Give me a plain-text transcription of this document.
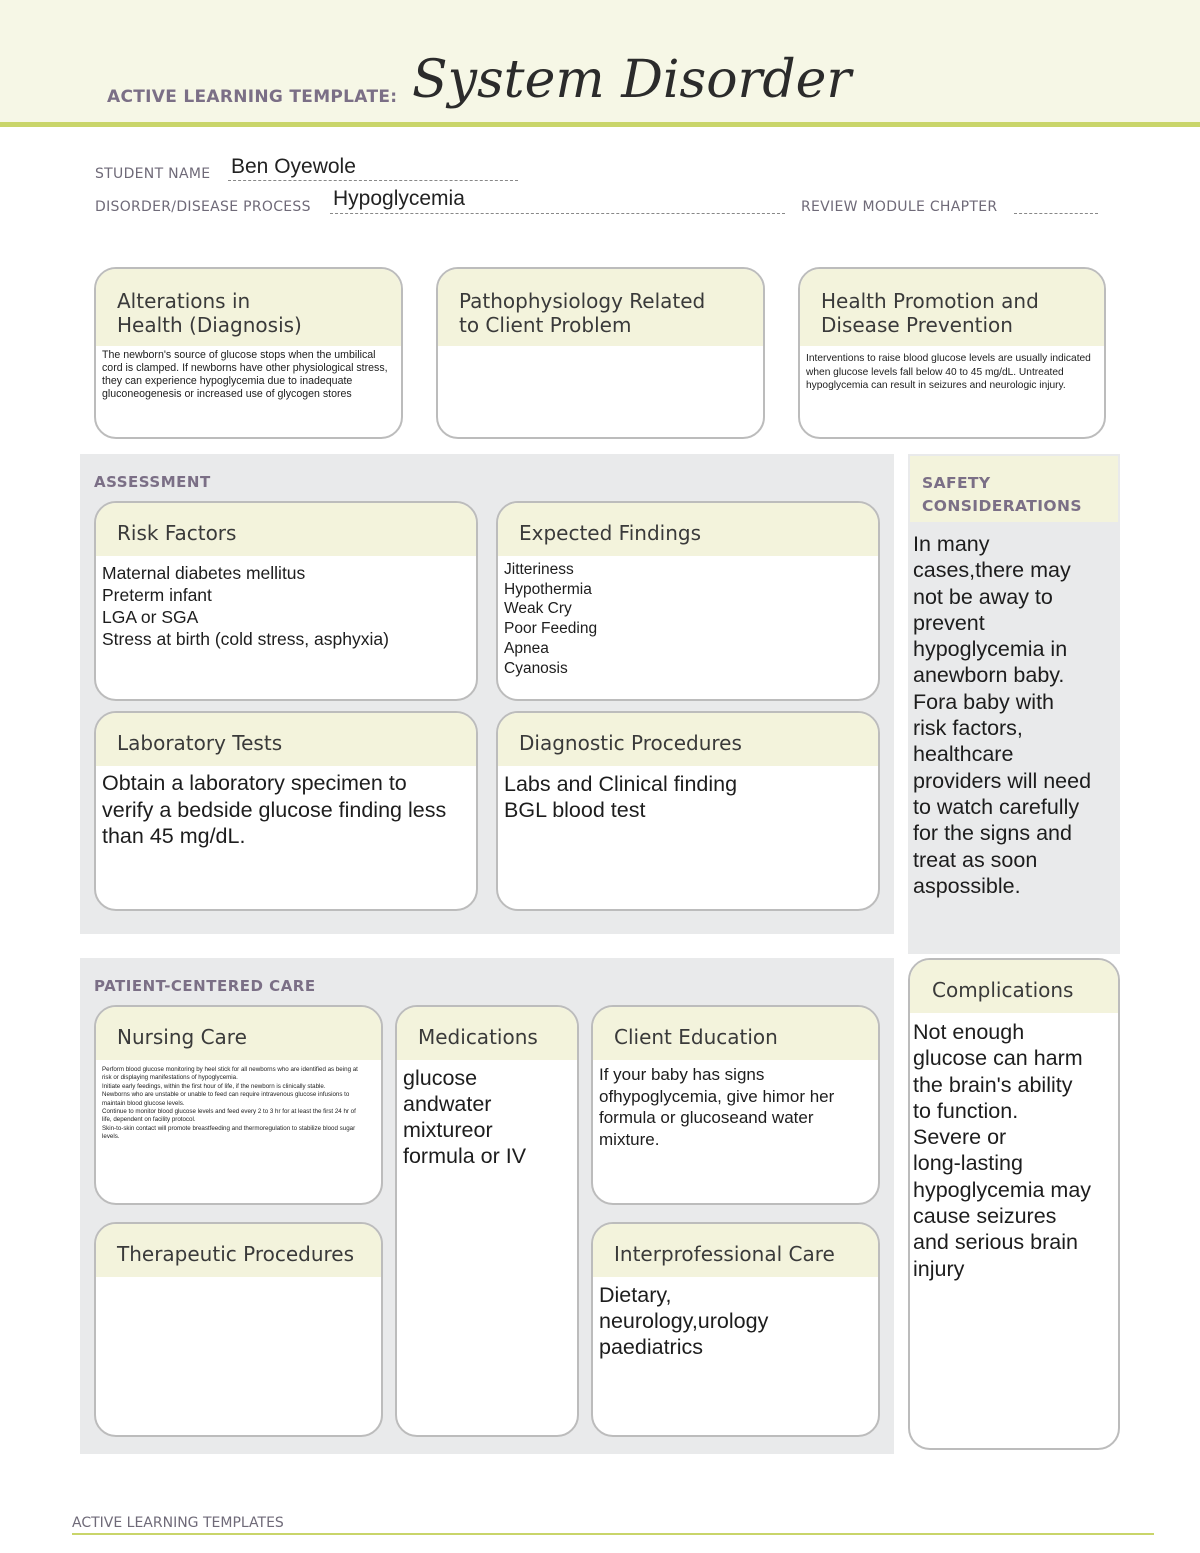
ACTIVE LEARNING TEMPLATE: System Disorder
STUDENT NAME Ben Oyewole
DISORDER/DISEASE PROCESS Hypoglycemia	REVIEW MODULE CHAPTER
Alterations in
Health (Diagnosis)
The newborn's source of glucose stops when the umbilical cord is clamped. If newborns have other physiological stress, they can experience hypoglycemia due to inadequate gluconeogenesis or increased use of glycogen stores
Pathophysiology Related
to Client Problem
Health Promotion and
Disease Prevention
Interventions to raise blood glucose levels are usually indicated when glucose levels fall below 40 to 45 mg/dL. Untreated hypoglycemia can result in seizures and neurologic injury.
ASSESSMENT
Risk Factors
Maternal diabetes mellitus
Preterm infant
LGA or SGA
Stress at birth (cold stress, asphyxia)
Expected Findings
Jitteriness
Hypothermia
Weak Cry
Poor Feeding
Apnea
Cyanosis
Laboratory Tests
Obtain a laboratory specimen to verify a bedside glucose finding less than 45 mg/dL.
Diagnostic Procedures
Labs and Clinical finding
BGL blood test
SAFETY
CONSIDERATIONS
In many
cases,there may
not be away to
prevent
hypoglycemia in
anewborn baby.
Fora baby with
risk factors,
healthcare
providers will need
to watch carefully
for the signs and
treat as soon
aspossible.
PATIENT-CENTERED CARE
Nursing Care
Perform blood glucose monitoring by heel stick for all newborns who are identified as being at risk or displaying manifestations of hypoglycemia.
Initiate early feedings, within the first hour of life, if the newborn is clinically stable.
Newborns who are unstable or unable to feed can require intravenous glucose infusions to maintain blood glucose levels.
Continue to monitor blood glucose levels and feed every 2 to 3 hr for at least the first 24 hr of life, dependent on facility protocol.
Skin-to-skin contact will promote breastfeeding and thermoregulation to stabilize blood sugar levels.
Medications
glucose
andwater
mixtureor
formula or IV
Client Education
If your baby has signs ofhypoglycemia, give himor her formula or glucoseand water mixture.
Therapeutic Procedures	Interprofessional Care
Dietary,
neurology,urology
paediatrics
Complications
Not enough
glucose can harm
the brain's ability
to function.
Severe or
long-lasting
hypoglycemia may
cause seizures
and serious brain
injury
ACTIVE LEARNING TEMPLATES
